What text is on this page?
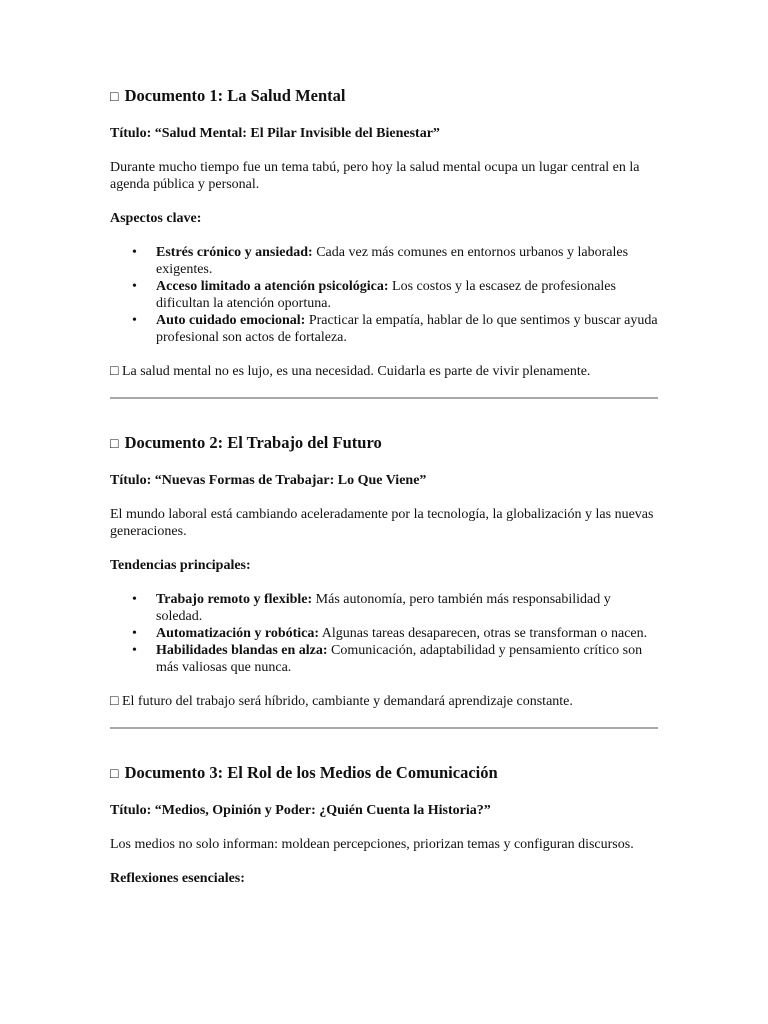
□ Documento 1: La Salud Mental
Título: “Salud Mental: El Pilar Invisible del Bienestar”
Durante mucho tiempo fue un tema tabú, pero hoy la salud mental ocupa un lugar central en la agenda pública y personal.
Aspectos clave:
• Estrés crónico y ansiedad: Cada vez más comunes en entornos urbanos y laborales exigentes.
• Acceso limitado a atención psicológica: Los costos y la escasez de profesionales dificultan la atención oportuna.
• Auto cuidado emocional: Practicar la empatía, hablar de lo que sentimos y buscar ayuda profesional son actos de fortaleza.
□ La salud mental no es lujo, es una necesidad. Cuidarla es parte de vivir plenamente.
□ Documento 2: El Trabajo del Futuro
Título: “Nuevas Formas de Trabajar: Lo Que Viene”
El mundo laboral está cambiando aceleradamente por la tecnología, la globalización y las nuevas generaciones.
Tendencias principales:
• Trabajo remoto y flexible: Más autonomía, pero también más responsabilidad y soledad.
• Automatización y robótica: Algunas tareas desaparecen, otras se transforman o nacen.
• Habilidades blandas en alza: Comunicación, adaptabilidad y pensamiento crítico son más valiosas que nunca.
□ El futuro del trabajo será híbrido, cambiante y demandará aprendizaje constante.
□ Documento 3: El Rol de los Medios de Comunicación
Título: “Medios, Opinión y Poder: ¿Quién Cuenta la Historia?”
Los medios no solo informan: moldean percepciones, priorizan temas y configuran discursos.
Reflexiones esenciales:
